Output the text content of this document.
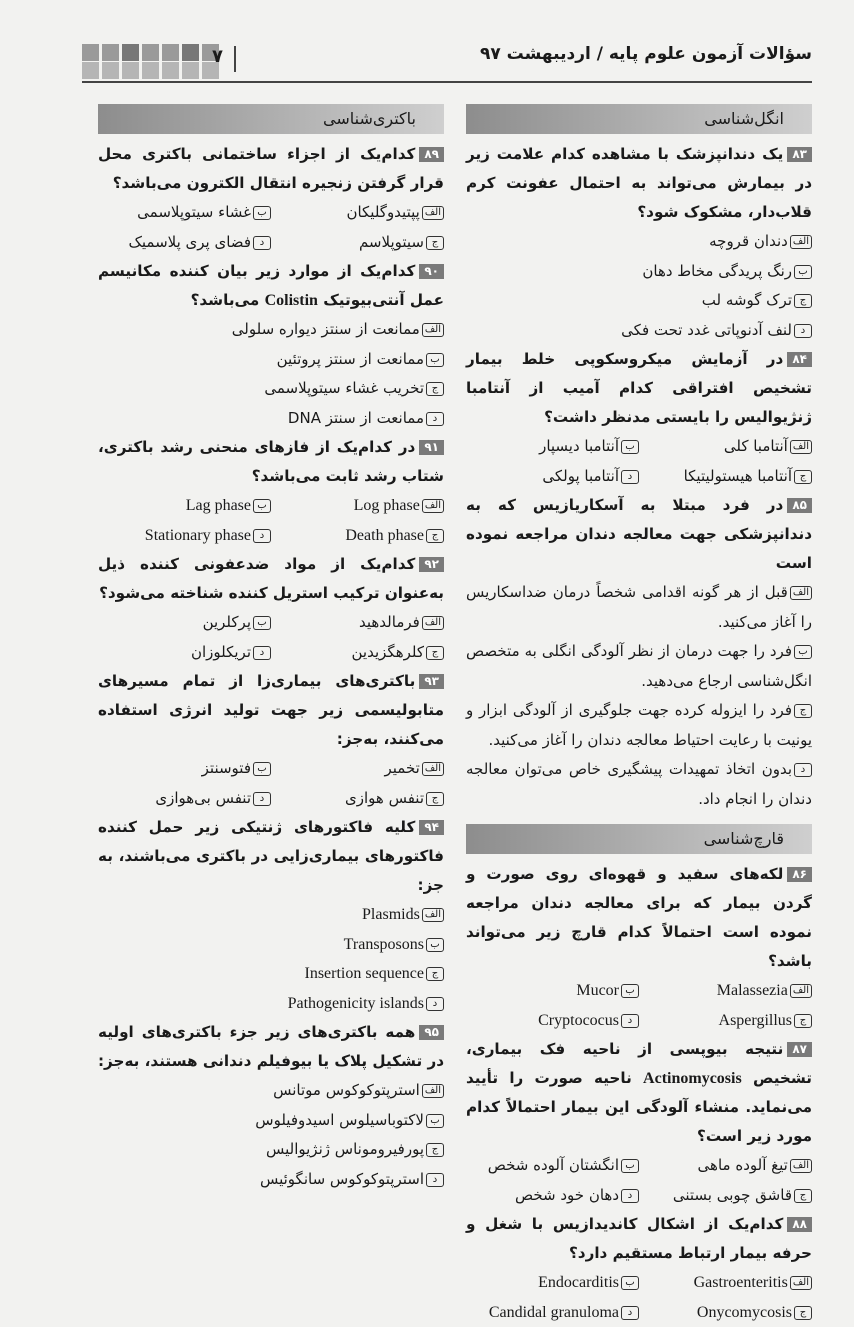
سؤالات آزمون علوم پایه / اردیبهشت ۹۷
۷
انگل‌شناسی

۸۳یک دندانپزشک با مشاهده کدام علامت زیر در بیمارش می‌تواند به احتمال عفونت کرم قلاب‌دار، مشکوک شود؟

الفدندان قروچه
برنگ پریدگی مخاط دهان
جترک گوشه لب
دلنف آدنوپاتی غدد تحت فکی

۸۴در آزمایش میکروسکوپی خلط بیمار تشخیص افتراقی کدام آمیب از آنتامبا ژنژیوالیس را بایستی مدنظر داشت؟

الفآنتامبا کلی
بآنتامبا دیسپار
جآنتامبا هیستولیتیکا
دآنتامبا پولکی

۸۵در فرد مبتلا به آسکاریازیس که به دندانپزشکی جهت معالجه دندان مراجعه نموده است

الفقبل از هر گونه اقدامی شخصاً درمان ضداسکاریس را آغاز می‌کنید.
بفرد را جهت درمان از نظر آلودگی انگلی به متخصص انگل‌شناسی ارجاع می‌دهید.
جفرد را ایزوله کرده جهت جلوگیری از آلودگی ابزار و یونیت با رعایت احتیاط معالجه دندان را آغاز می‌کنید.
دبدون اتخاذ تمهیدات پیشگیری خاص می‌توان معالجه دندان را انجام داد.
قارچ‌شناسی

۸۶لکه‌های سفید و قهوه‌ای روی صورت و گردن بیمار که برای معالجه دندان مراجعه نموده است احتمالاً کدام قارچ زیر می‌تواند باشد؟

الفMalassezia
بMucor
جAspergillus
دCryptococus

۸۷نتیجه بیوپسی از ناحیه فک بیماری، تشخیص Actinomycosis ناحیه صورت را تأیید می‌نماید. منشاء آلودگی این بیمار احتمالاً کدام مورد زیر است؟

الفتیغ آلوده ماهی
بانگشتان آلوده شخص
جقاشق چوبی بستنی
ددهان خود شخص

۸۸کدام‌یک از اشکال کاندیدازیس با شغل و حرفه بیمار ارتباط مستقیم دارد؟

الفGastroenteritis
بEndocarditis
جOnycomycosis
دCandidal granuloma
باکتری‌شناسی

۸۹کدام‌یک از اجزاء ساختمانی باکتری محل قرار گرفتن زنجیره انتقال الکترون می‌باشد؟

الفپپتیدوگلیکان
بغشاء سیتوپلاسمی
جسیتوپلاسم
دفضای پری پلاسمیک

۹۰کدام‌یک از موارد زیر بیان کننده مکانیسم عمل آنتی‌بیوتیک Colistin می‌باشد؟

الفممانعت از سنتز دیواره سلولی
بممانعت از سنتز پروتئین
جتخریب غشاء سیتوپلاسمی
دممانعت از سنتز DNA

۹۱در کدام‌یک از فازهای منحنی رشد باکتری، شتاب رشد ثابت می‌باشد؟

الفLog phase
بLag phase
جDeath phase
دStationary phase

۹۲کدام‌یک از مواد ضدعفونی کننده ذیل به‌عنوان ترکیب استریل کننده شناخته می‌شود؟

الففرمالدهید
بپرکلرین
جکلرهگزیدین
دتریکلوزان

۹۳باکتری‌های بیماری‌زا از تمام مسیرهای متابولیسمی زیر جهت تولید انرژی استفاده می‌کنند، به‌جز:

الفتخمیر
بفتوسنتز
جتنفس هوازی
دتنفس بی‌هوازی

۹۴کلیه فاکتورهای ژنتیکی زیر حمل کننده فاکتورهای بیماری‌زایی در باکتری می‌باشند، به جز:

الفPlasmids
بTransposons
جInsertion sequence
دPathogenicity islands

۹۵همه باکتری‌های زیر جزء باکتری‌های اولیه در تشکیل پلاک یا بیوفیلم دندانی هستند، به‌جز:

الفاسترپتوکوکوس موتانس
بلاکتوباسیلوس اسیدوفیلوس
جپورفیروموناس ژنژیوالیس
داسترپتوکوکوس سانگوئیس
